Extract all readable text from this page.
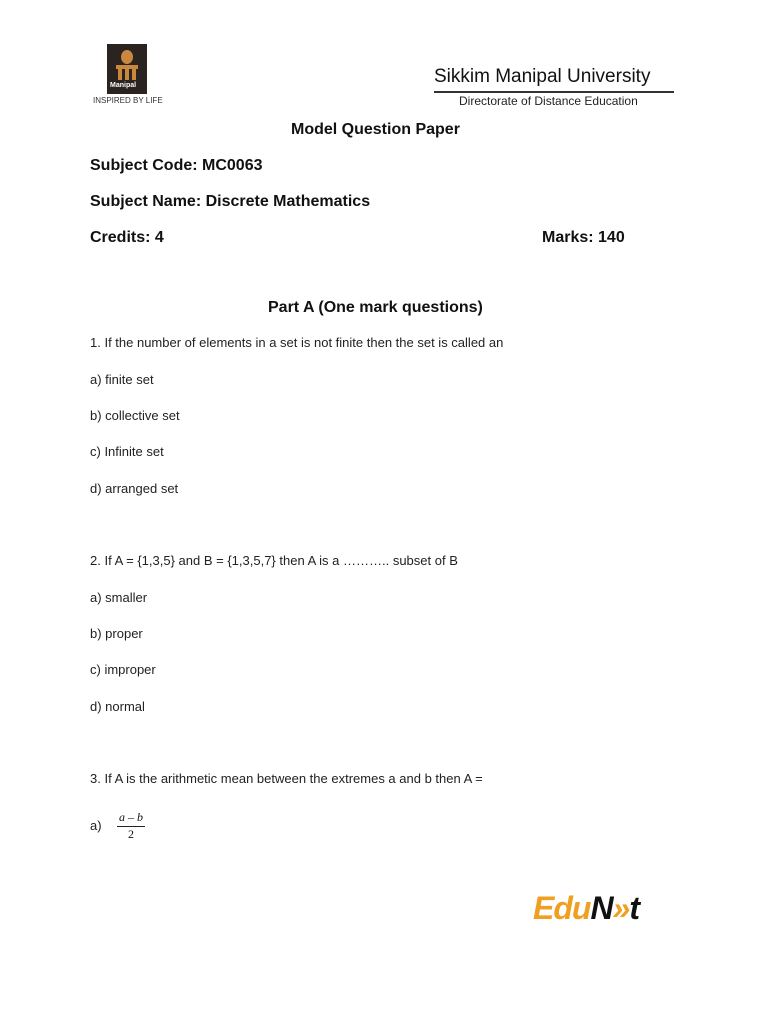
Manipal
INSPIRED BY LIFE
Sikkim Manipal University
Directorate of Distance Education
Model Question Paper
Subject Code: MC0063
Subject Name: Discrete Mathematics
Credits: 4	Marks: 140
Part A (One mark questions)
1. If the number of elements in a set is not finite then the set is called an
a) finite set
b) collective set
c) Infinite set
d) arranged set
2. If A = {1,3,5} and B = {1,3,5,7} then A is a ……….. subset of B
a) smaller
b) proper
c) improper
d) normal
3. If A is the arithmetic mean between the extremes a and b then A =
$a) \frac{a - b}{2}$
EduN»t
